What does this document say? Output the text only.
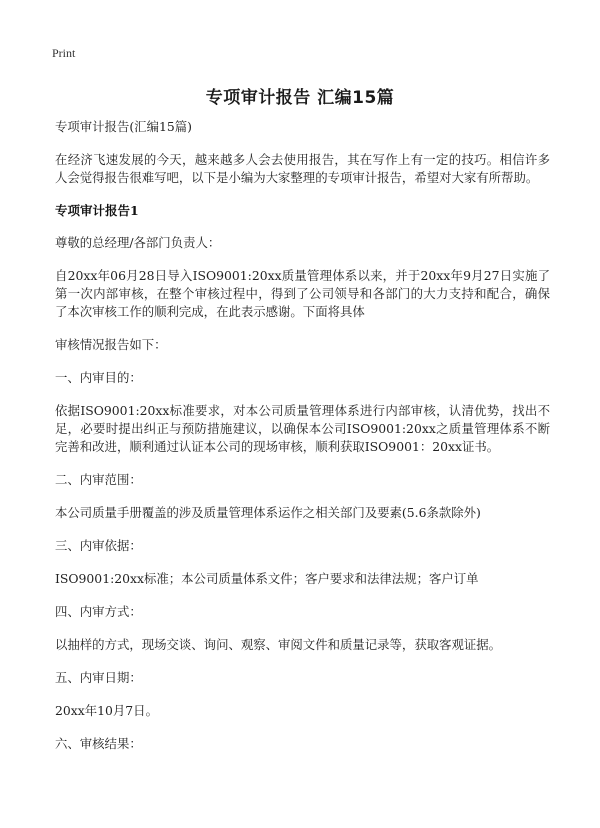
Print
专项审计报告 汇编15篇

专项审计报告(汇编15篇)

在经济飞速发展的今天，越来越多人会去使用报告，其在写作上有一定的技巧。相信许多人会觉得报告很难写吧，以下是小编为大家整理的专项审计报告，希望对大家有所帮助。

专项审计报告1

尊敬的总经理/各部门负责人：

自20xx年06月28日导入ISO9001:20xx质量管理体系以来，并于20xx年9月27日实施了第一次内部审核，在整个审核过程中，得到了公司领导和各部门的大力支持和配合，确保了本次审核工作的顺利完成，在此表示感谢。下面将具体

审核情况报告如下：

一、内审目的：

依据ISO9001:20xx标准要求，对本公司质量管理体系进行内部审核，认清优势，找出不足，必要时提出纠正与预防措施建议，以确保本公司ISO9001:20xx之质量管理体系不断完善和改进，顺利通过认证本公司的现场审核，顺利获取ISO9001：20xx证书。

二、内审范围：

本公司质量手册覆盖的涉及质量管理体系运作之相关部门及要素(5.6条款除外)

三、内审依据：

ISO9001:20xx标准；本公司质量体系文件；客户要求和法律法规；客户订单

四、内审方式：

以抽样的方式，现场交谈、询问、观察、审阅文件和质量记录等，获取客观证据。

五、内审日期：

20xx年10月7日。

六、审核结果：
